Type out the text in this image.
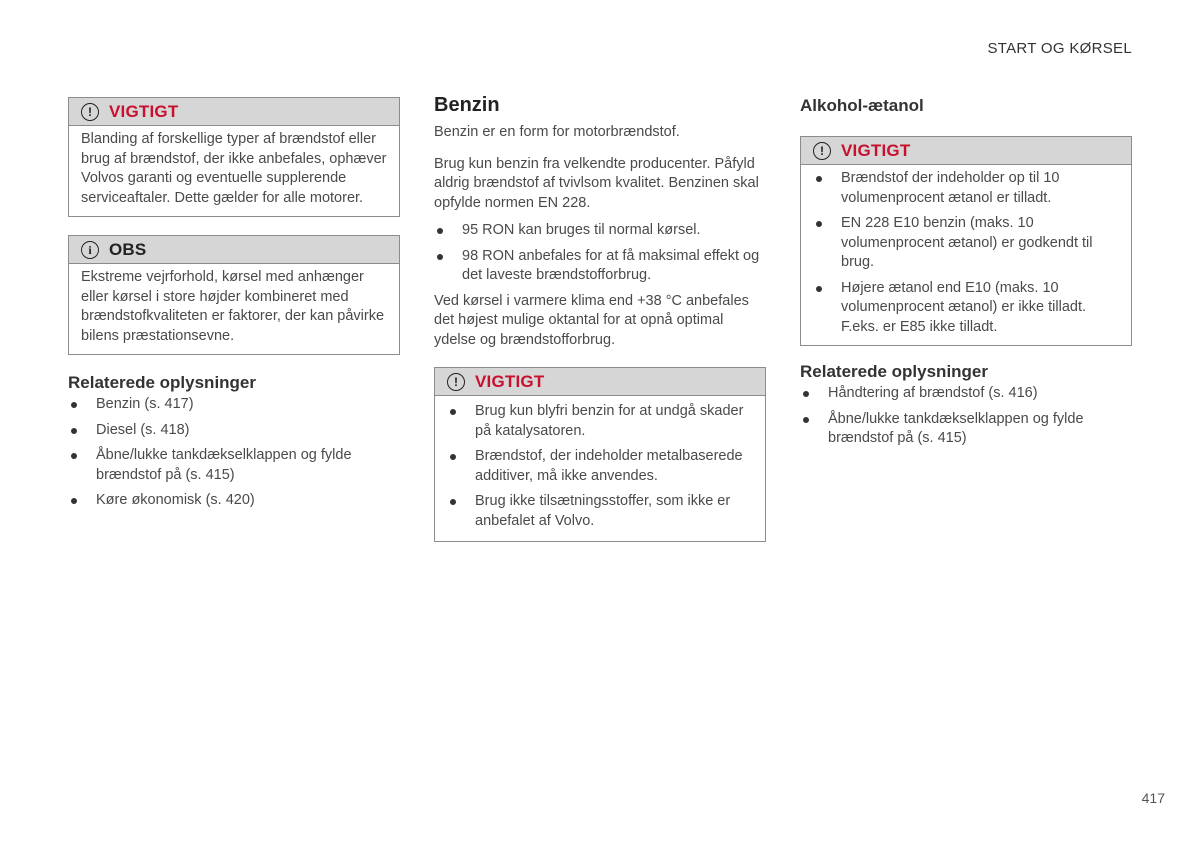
START OG KØRSEL
!	VIGTIGT

Blanding af forskellige typer af brændstof eller brug af brændstof, der ikke anbefales, ophæver Volvos garanti og eventuelle supplerende serviceaftaler. Dette gælder for alle motorer.

i	OBS

Ekstreme vejrforhold, kørsel med anhænger eller kørsel i store højder kombineret med brændstofkvaliteten er faktorer, der kan påvirke bilens præstationsevne.

Relaterede oplysninger
Benzin (s. 417)
Diesel (s. 418)
Åbne/lukke tankdækselklappen og fylde brændstof på (s. 415)
Køre økonomisk (s. 420)
Benzin

Benzin er en form for motorbrændstof.

Brug kun benzin fra velkendte producenter. Påfyld aldrig brændstof af tvivlsom kvalitet. Benzinen skal opfylde normen EN 228.

95 RON kan bruges til normal kørsel.
98 RON anbefales for at få maksimal effekt og det laveste brændstofforbrug.

Ved kørsel i varmere klima end +38 °C anbefales det højest mulige oktantal for at opnå optimal ydelse og brændstofforbrug.

!	VIGTIGT
Brug kun blyfri benzin for at undgå skader på katalysatoren.
Brændstof, der indeholder metalbaserede additiver, må ikke anvendes.
Brug ikke tilsætningsstoffer, som ikke er anbefalet af Volvo.
Alkohol-ætanol
!	VIGTIGT
Brændstof der indeholder op til 10 volumenprocent ætanol er tilladt.
EN 228 E10 benzin (maks. 10 volumenprocent ætanol) er godkendt til brug.
Højere ætanol end E10 (maks. 10 volumenprocent ætanol) er ikke tilladt. F.eks. er E85 ikke tilladt.
Relaterede oplysninger
Håndtering af brændstof (s. 416)
Åbne/lukke tankdækselklappen og fylde brændstof på (s. 415)
417
